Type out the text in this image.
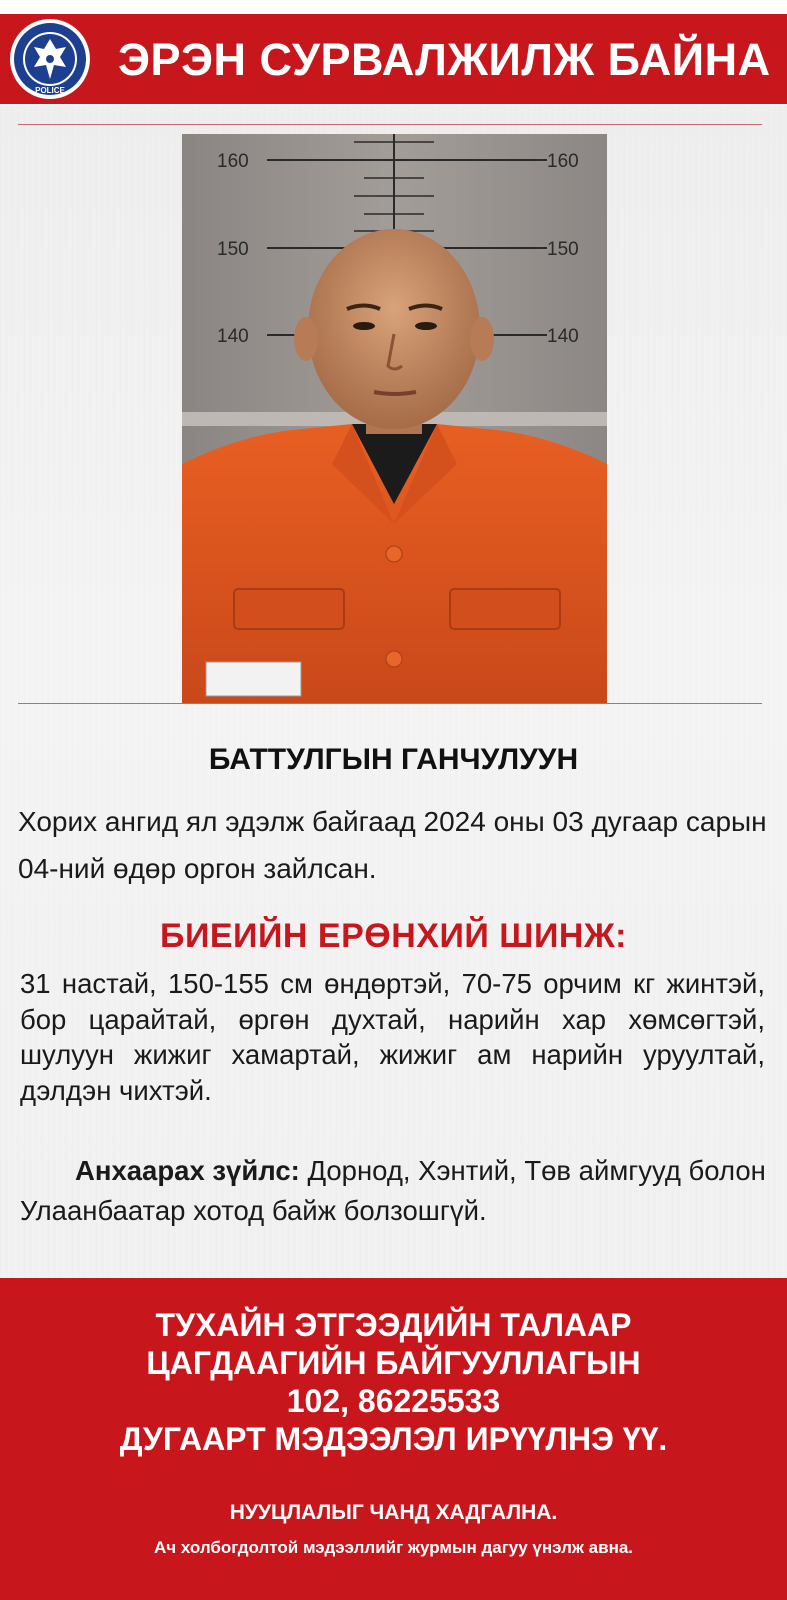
POLICE
ЭРЭН СУРВАЛЖИЛЖ БАЙНА
160
150
140
160
150
140
БАТТУЛГЫН ГАНЧУЛУУН
Хорих ангид ял эдэлж байгаад 2024 оны 03 дугаар сарын 04-ний өдөр оргон зайлсан.
БИЕИЙН ЕРӨНХИЙ ШИНЖ:
31 настай, 150-155 см өндөртэй, 70-75 орчим кг жинтэй, бор царайтай, өргөн духтай, нарийн хар хөмсөгтэй, шулуун жижиг хамартай, жижиг ам нарийн уруултай, дэлдэн чихтэй.
Анхаарах зүйлс: Дорнод, Хэнтий, Төв аймгууд болон Улаанбаатар хотод байж болзошгүй.
ТУХАЙН ЭТГЭЭДИЙН ТАЛААР
ЦАГДААГИЙН БАЙГУУЛЛАГЫН
102, 86225533
ДУГААРТ МЭДЭЭЛЭЛ ИРҮҮЛНЭ ҮҮ.
НУУЦЛАЛЫГ ЧАНД ХАДГАЛНА.
Ач холбогдолтой мэдээллийг журмын дагуу үнэлж авна.
